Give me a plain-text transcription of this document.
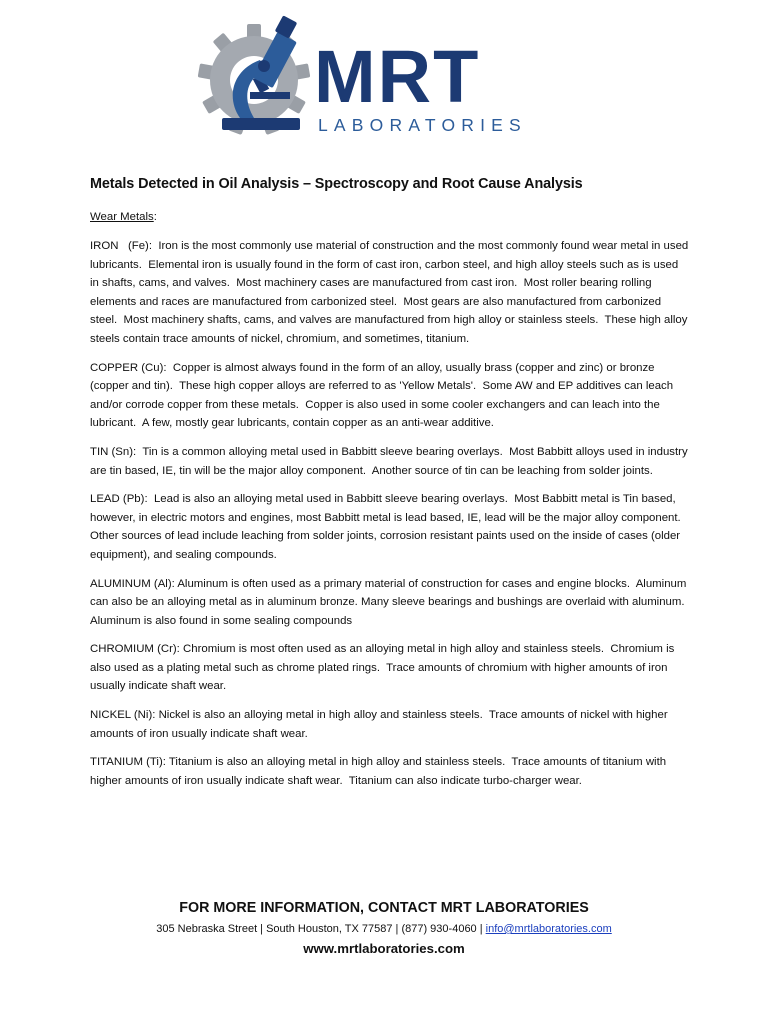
MRT
LABORATORIES
Metals Detected in Oil Analysis – Spectroscopy and Root Cause Analysis

Wear Metals:

IRON   (Fe):  Iron is the most commonly use material of construction and the most commonly found wear metal in used lubricants.  Elemental iron is usually found in the form of cast iron, carbon steel, and high alloy steels such as is used in shafts, cams, and valves.  Most machinery cases are manufactured from cast iron.  Most roller bearing rolling elements and races are manufactured from carbonized steel.  Most gears are also manufactured from carbonized steel.  Most machinery shafts, cams, and valves are manufactured from high alloy or stainless steels.  These high alloy steels contain trace amounts of nickel, chromium, and sometimes, titanium.

COPPER (Cu):  Copper is almost always found in the form of an alloy, usually brass (copper and zinc) or bronze (copper and tin).  These high copper alloys are referred to as 'Yellow Metals'.  Some AW and EP additives can leach and/or corrode copper from these metals.  Copper is also used in some cooler exchangers and can leach into the lubricant.  A few, mostly gear lubricants, contain copper as an anti-wear additive.

TIN (Sn):  Tin is a common alloying metal used in Babbitt sleeve bearing overlays.  Most Babbitt alloys used in industry are tin based, IE, tin will be the major alloy component.  Another source of tin can be leaching from solder joints.

LEAD (Pb):  Lead is also an alloying metal used in Babbitt sleeve bearing overlays.  Most Babbitt metal is Tin based, however, in electric motors and engines, most Babbitt metal is lead based, IE, lead will be the major alloy component.  Other sources of lead include leaching from solder joints, corrosion resistant paints used on the inside of cases (older equipment), and sealing compounds.

ALUMINUM (Al): Aluminum is often used as a primary material of construction for cases and engine blocks.  Aluminum can also be an alloying metal as in aluminum bronze. Many sleeve bearings and bushings are overlaid with aluminum.  Aluminum is also found in some sealing compounds

CHROMIUM (Cr): Chromium is most often used as an alloying metal in high alloy and stainless steels.  Chromium is also used as a plating metal such as chrome plated rings.  Trace amounts of chromium with higher amounts of iron usually indicate shaft wear.

NICKEL (Ni): Nickel is also an alloying metal in high alloy and stainless steels.  Trace amounts of nickel with higher amounts of iron usually indicate shaft wear.

TITANIUM (Ti): Titanium is also an alloying metal in high alloy and stainless steels.  Trace amounts of titanium with higher amounts of iron usually indicate shaft wear.  Titanium can also indicate turbo-charger wear.

FOR MORE INFORMATION, CONTACT MRT LABORATORIES

305 Nebraska Street | South Houston, TX 77587 | (877) 930-4060 | info@mrtlaboratories.com

www.mrtlaboratories.com
